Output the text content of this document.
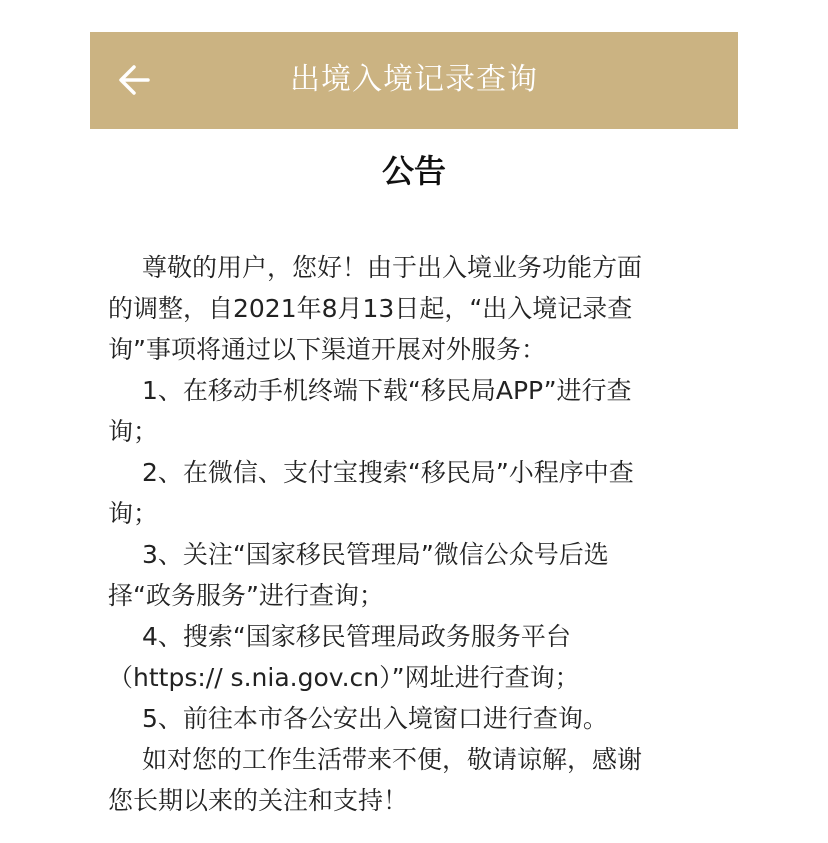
出境入境记录查询
公告
尊敬的用户，您好！由于出入境业务功能方面
的调整，自2021年8月13日起，“出入境记录查
询”事项将通过以下渠道开展对外服务：
1、在移动手机终端下载“移民局APP”进行查
询；
2、在微信、支付宝搜索“移民局”小程序中查
询；
3、关注“国家移民管理局”微信公众号后选
择“政务服务”进行查询；
4、搜索“国家移民管理局政务服务平台
（https:// s.nia.gov.cn）”网址进行查询；
5、前往本市各公安出入境窗口进行查询。
如对您的工作生活带来不便，敬请谅解，感谢
您长期以来的关注和支持！
